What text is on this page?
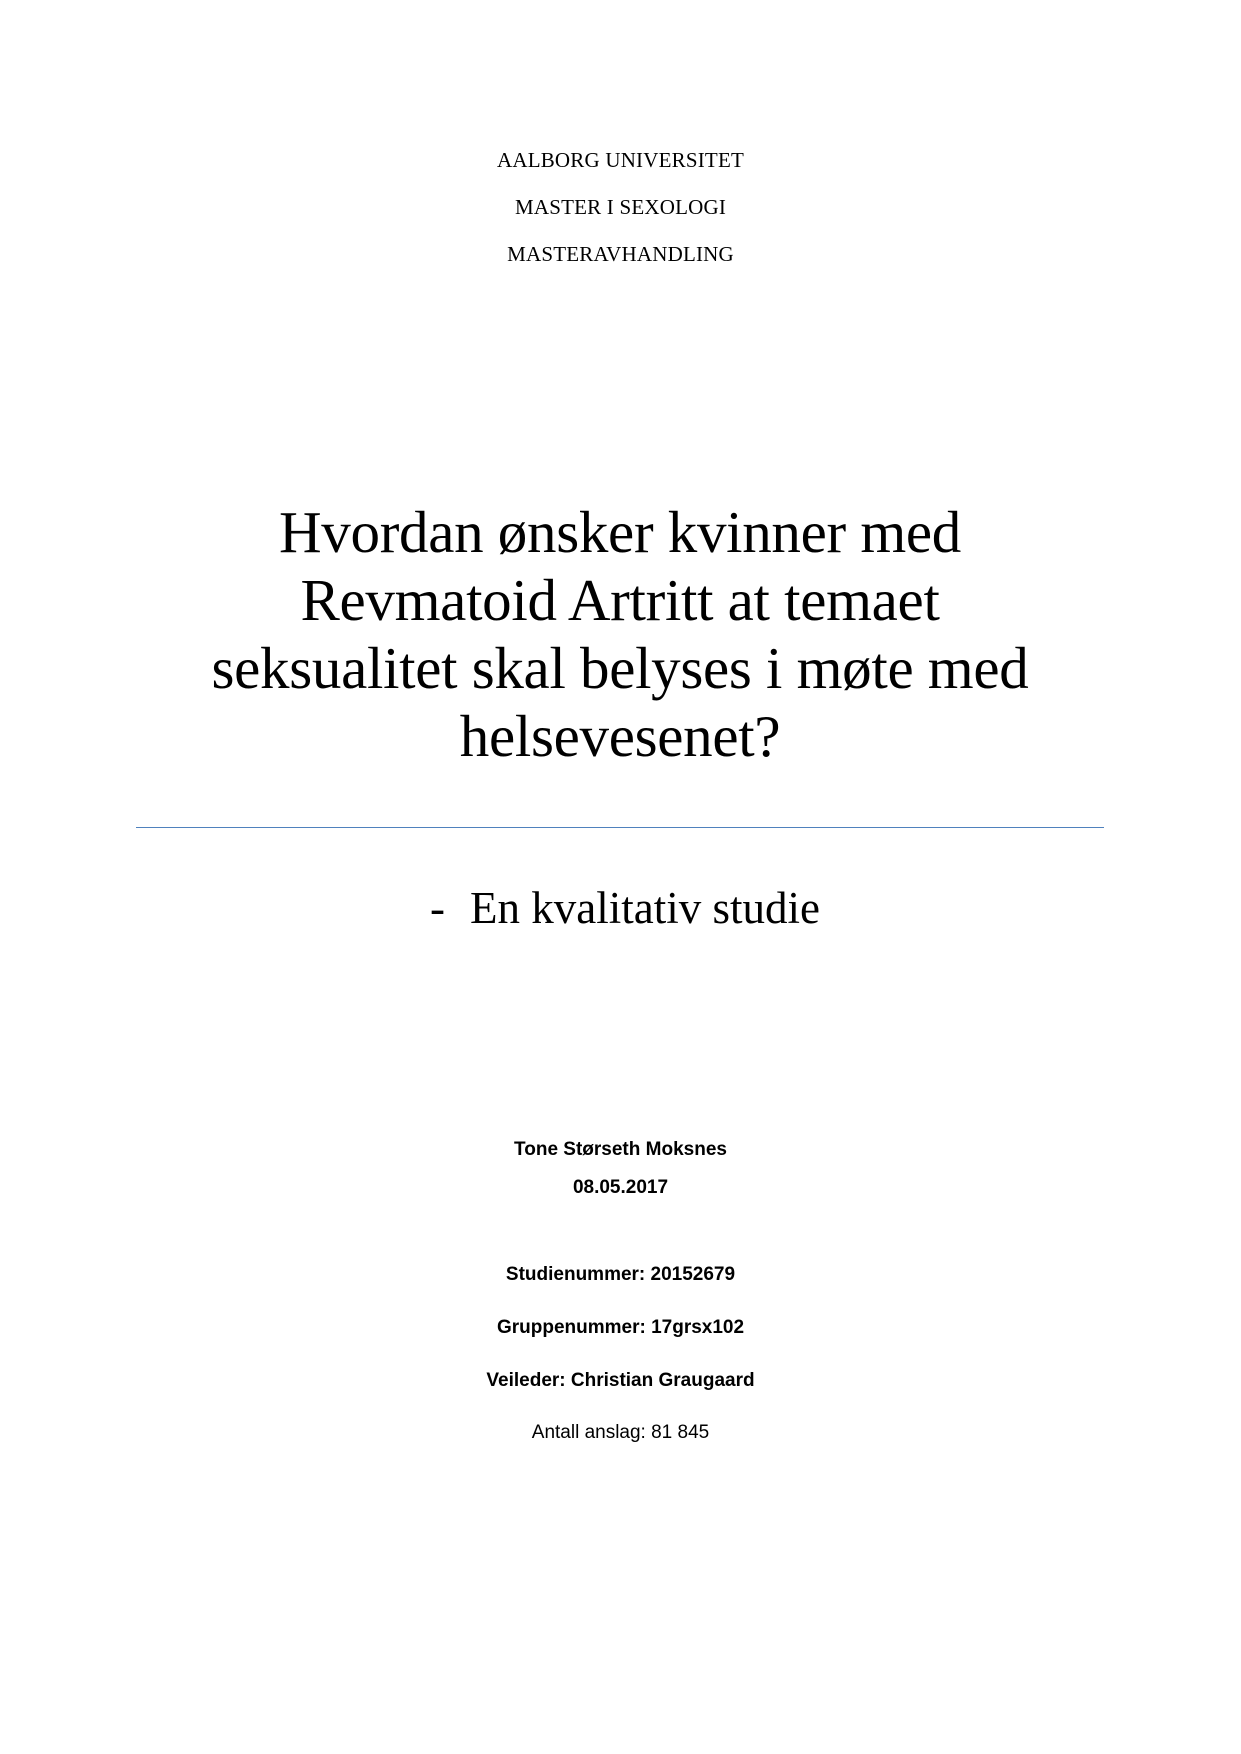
AALBORG UNIVERSITET
MASTER I SEXOLOGI
MASTERAVHANDLING
Hvordan ønsker kvinner med
Revmatoid Artritt at temaet
seksualitet skal belyses i møte med
helsevesenet?
- En kvalitativ studie
Tone Størseth Moksnes
08.05.2017
Studienummer: 20152679
Gruppenummer: 17grsx102
Veileder: Christian Graugaard
Antall anslag: 81 845
